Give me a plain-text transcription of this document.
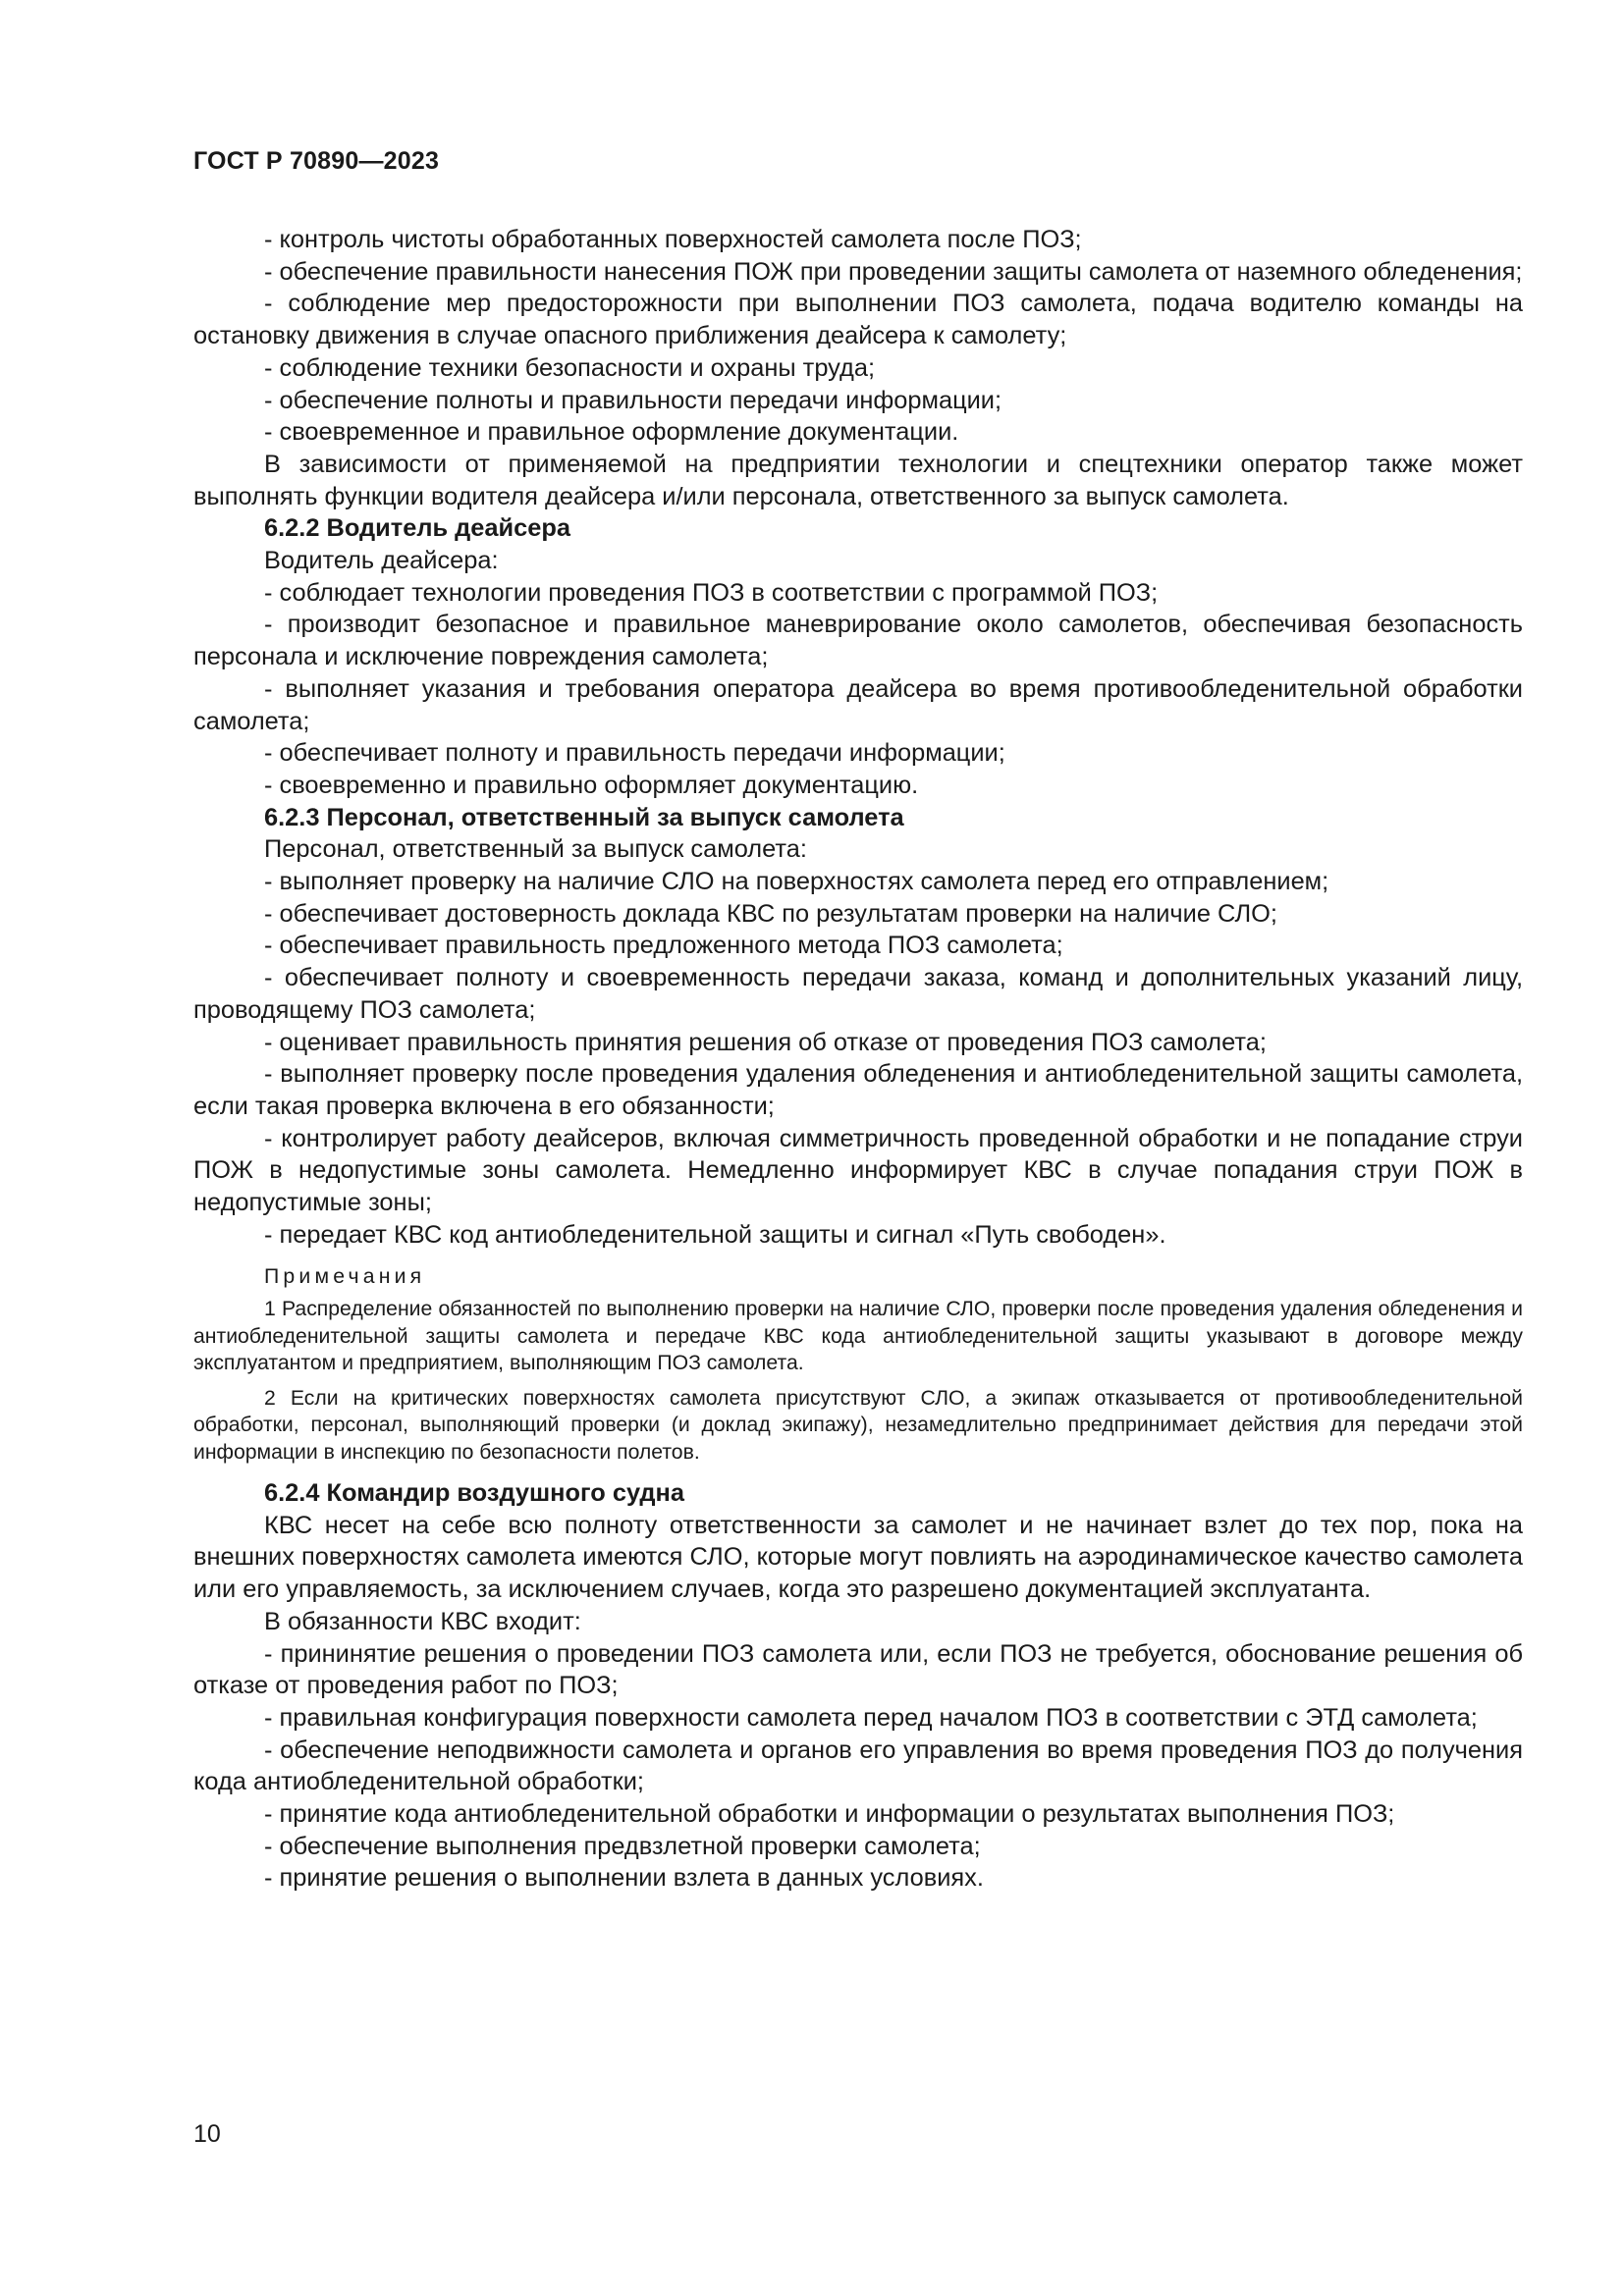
ГОСТ Р 70890—2023

- контроль чистоты обработанных поверхностей самолета после ПОЗ;

- обеспечение правильности нанесения ПОЖ при проведении защиты самолета от наземного обледенения;

- соблюдение мер предосторожности при выполнении ПОЗ самолета, подача водителю команды на остановку движения в случае опасного приближения деайсера к самолету;

- соблюдение техники безопасности и охраны труда;

- обеспечение полноты и правильности передачи информации;

- своевременное и правильное оформление документации.

В зависимости от применяемой на предприятии технологии и спецтехники оператор также может выполнять функции водителя деайсера и/или персонала, ответственного за выпуск самолета.

6.2.2 Водитель деайсера

Водитель деайсера:

- соблюдает технологии проведения ПОЗ в соответствии с программой ПОЗ;

- производит безопасное и правильное маневрирование около самолетов, обеспечивая безопасность персонала и исключение повреждения самолета;

- выполняет указания и требования оператора деайсера во время противообледенительной обработки самолета;

- обеспечивает полноту и правильность передачи информации;

- своевременно и правильно оформляет документацию.

6.2.3 Персонал, ответственный за выпуск самолета

Персонал, ответственный за выпуск самолета:

- выполняет проверку на наличие СЛО на поверхностях самолета перед его отправлением;

- обеспечивает достоверность доклада КВС по результатам проверки на наличие СЛО;

- обеспечивает правильность предложенного метода ПОЗ самолета;

- обеспечивает полноту и своевременность передачи заказа, команд и дополнительных указаний лицу, проводящему ПОЗ самолета;

- оценивает правильность принятия решения об отказе от проведения ПОЗ самолета;

- выполняет проверку после проведения удаления обледенения и антиобледенительной защиты самолета, если такая проверка включена в его обязанности;

- контролирует работу деайсеров, включая симметричность проведенной обработки и не попадание струи ПОЖ в недопустимые зоны самолета. Немедленно информирует КВС в случае попадания струи ПОЖ в недопустимые зоны;

- передает КВС код антиобледенительной защиты и сигнал «Путь свободен».

Примечания

1 Распределение обязанностей по выполнению проверки на наличие СЛО, проверки после проведения удаления обледенения и антиобледенительной защиты самолета и передаче КВС кода антиобледенительной защиты указывают в договоре между эксплуатантом и предприятием, выполняющим ПОЗ самолета.

2 Если на критических поверхностях самолета присутствуют СЛО, а экипаж отказывается от противообледенительной обработки, персонал, выполняющий проверки (и доклад экипажу), незамедлительно предпринимает действия для передачи этой информации в инспекцию по безопасности полетов.

6.2.4 Командир воздушного судна

КВС несет на себе всю полноту ответственности за самолет и не начинает взлет до тех пор, пока на внешних поверхностях самолета имеются СЛО, которые могут повлиять на аэродинамическое качество самолета или его управляемость, за исключением случаев, когда это разрешено документацией эксплуатанта.

В обязанности КВС входит:

- прининятие решения о проведении ПОЗ самолета или, если ПОЗ не требуется, обоснование решения об отказе от проведения работ по ПОЗ;

- правильная конфигурация поверхности самолета перед началом ПОЗ в соответствии с ЭТД самолета;

- обеспечение неподвижности самолета и органов его управления во время проведения ПОЗ до получения кода антиобледенительной обработки;

- принятие кода антиобледенительной обработки и информации о результатах выполнения ПОЗ;

- обеспечение выполнения предвзлетной проверки самолета;

- принятие решения о выполнении взлета в данных условиях.

10
